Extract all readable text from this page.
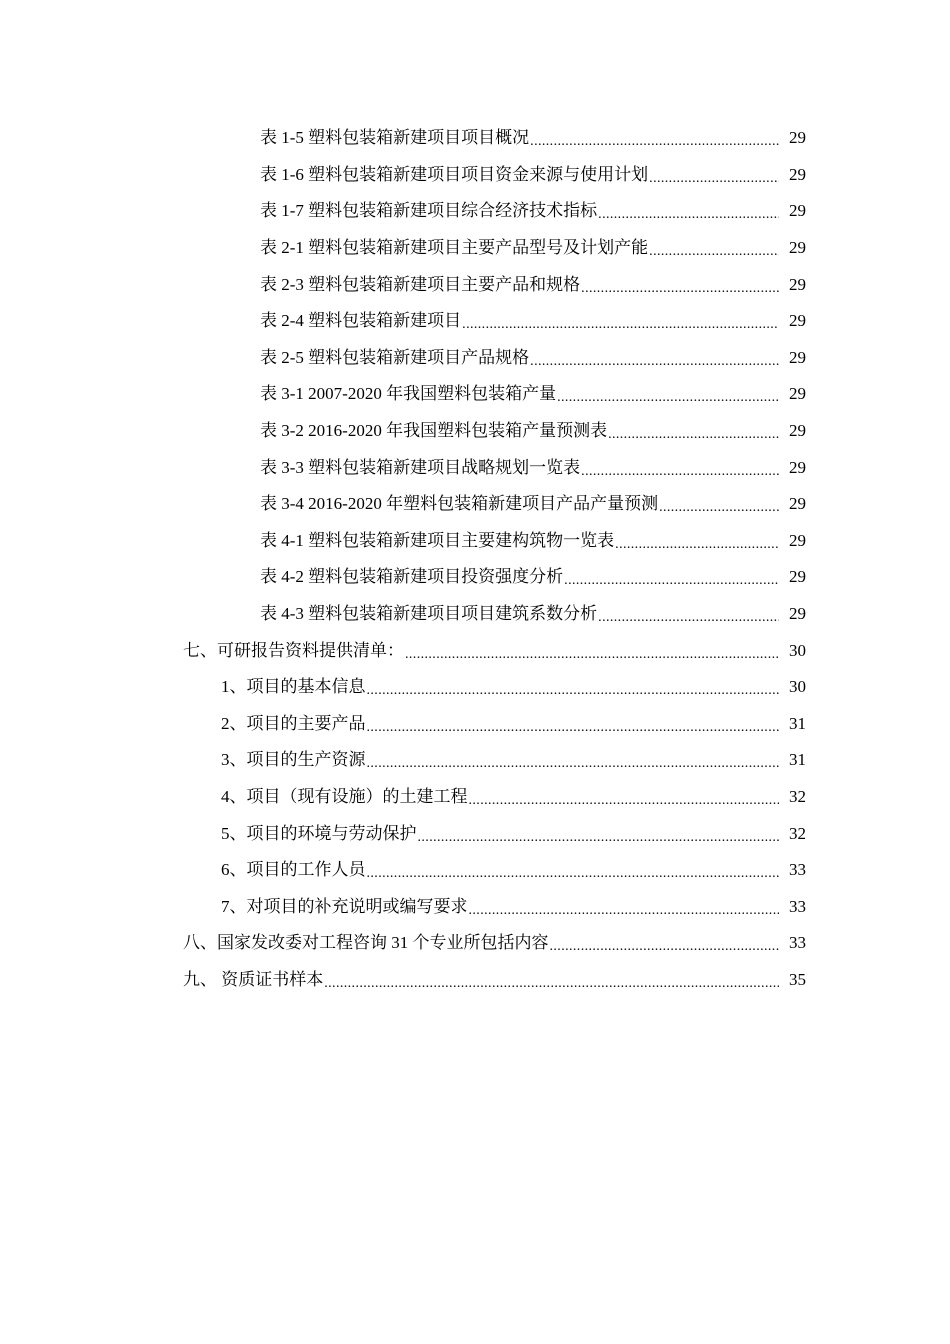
表 1-5 塑料包装箱新建项目项目概况 .....	29
表 1-6 塑料包装箱新建项目项目资金来源与使用计划 .....	29
表 1-7 塑料包装箱新建项目综合经济技术指标 .....	29
表 2-1 塑料包装箱新建项目主要产品型号及计划产能 .....	29
表 2-3 塑料包装箱新建项目主要产品和规格 .....	29
表 2-4 塑料包装箱新建项目 .....	29
表 2-5 塑料包装箱新建项目产品规格 .....	29
表 3-1 2007-2020 年我国塑料包装箱产量 .....	29
表 3-2 2016-2020 年我国塑料包装箱产量预测表 .....	29
表 3-3 塑料包装箱新建项目战略规划一览表 .....	29
表 3-4 2016-2020 年塑料包装箱新建项目产品产量预测 .....	29
表 4-1 塑料包装箱新建项目主要建构筑物一览表 .....	29
表 4-2 塑料包装箱新建项目投资强度分析 .....	29
表 4-3 塑料包装箱新建项目项目建筑系数分析 .....	29
七、可研报告资料提供清单： .....	30
1、项目的基本信息 .....	30
2、项目的主要产品 .....	31
3、项目的生产资源 .....	31
4、项目（现有设施）的土建工程 .....	32
5、项目的环境与劳动保护 .....	32
6、项目的工作人员 .....	33
7、对项目的补充说明或编写要求 .....	33
八、国家发改委对工程咨询 31 个专业所包括内容 .....	33
九、 资质证书样本 .....	35
